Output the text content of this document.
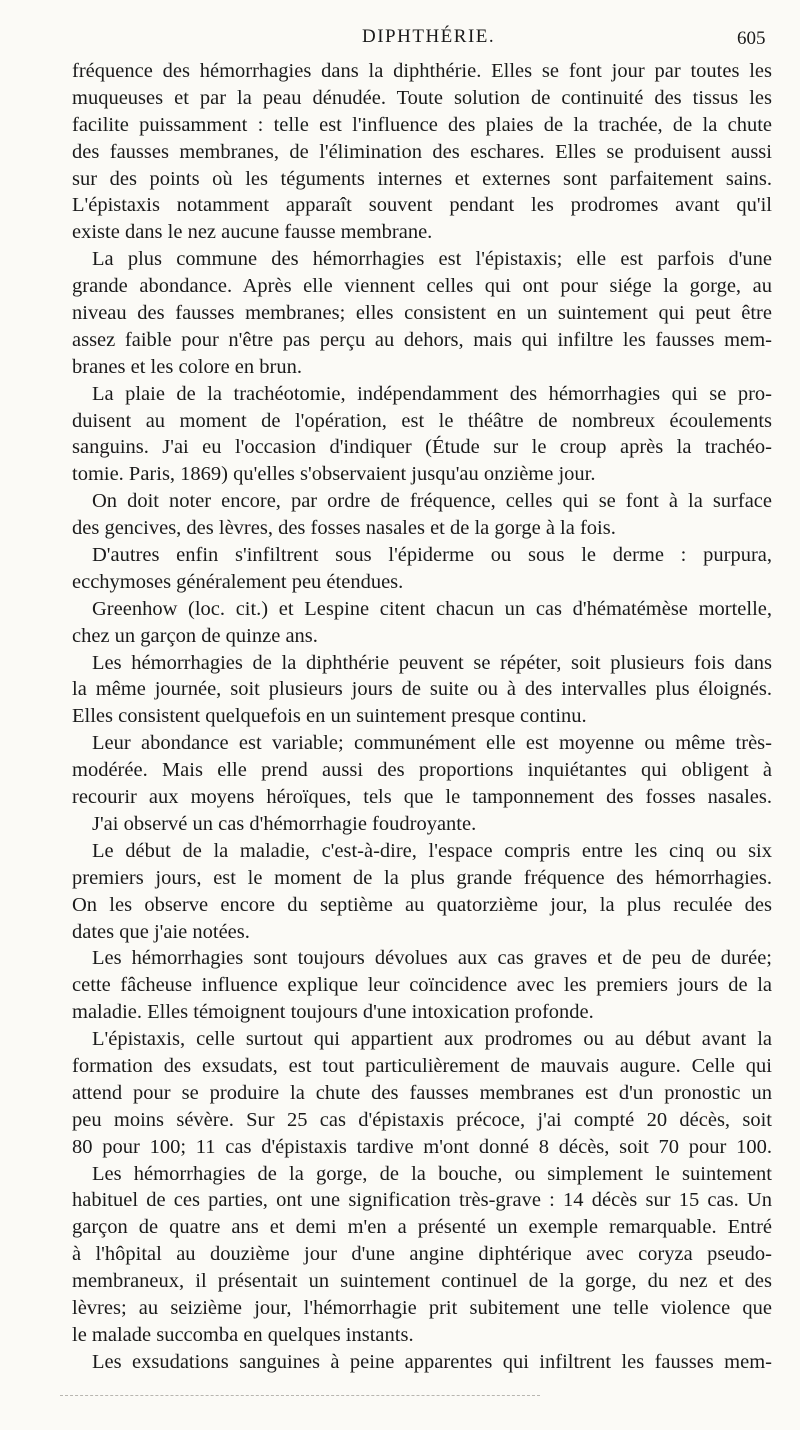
DIPHTHÉRIE.	605
fréquence des hémorrhagies dans la diphthérie. Elles se font jour par toutes les
muqueuses et par la peau dénudée. Toute solution de continuité des tissus les
facilite puissamment : telle est l'influence des plaies de la trachée, de la chute
des fausses membranes, de l'élimination des eschares. Elles se produisent aussi
sur des points où les téguments internes et externes sont parfaitement sains.
L'épistaxis notamment apparaît souvent pendant les prodromes avant qu'il
existe dans le nez aucune fausse membrane.
La plus commune des hémorrhagies est l'épistaxis; elle est parfois d'une
grande abondance. Après elle viennent celles qui ont pour siége la gorge, au
niveau des fausses membranes; elles consistent en un suintement qui peut être
assez faible pour n'être pas perçu au dehors, mais qui infiltre les fausses mem-
branes et les colore en brun.
La plaie de la trachéotomie, indépendamment des hémorrhagies qui se pro-
duisent au moment de l'opération, est le théâtre de nombreux écoulements
sanguins. J'ai eu l'occasion d'indiquer (Étude sur le croup après la trachéo-
tomie. Paris, 1869) qu'elles s'observaient jusqu'au onzième jour.
On doit noter encore, par ordre de fréquence, celles qui se font à la surface
des gencives, des lèvres, des fosses nasales et de la gorge à la fois.
D'autres enfin s'infiltrent sous l'épiderme ou sous le derme : purpura,
ecchymoses généralement peu étendues.
Greenhow (loc. cit.) et Lespine citent chacun un cas d'hématémèse mortelle,
chez un garçon de quinze ans.
Les hémorrhagies de la diphthérie peuvent se répéter, soit plusieurs fois dans
la même journée, soit plusieurs jours de suite ou à des intervalles plus éloignés.
Elles consistent quelquefois en un suintement presque continu.
Leur abondance est variable; communément elle est moyenne ou même très-
modérée. Mais elle prend aussi des proportions inquiétantes qui obligent à
recourir aux moyens héroïques, tels que le tamponnement des fosses nasales.
J'ai observé un cas d'hémorrhagie foudroyante.
Le début de la maladie, c'est-à-dire, l'espace compris entre les cinq ou six
premiers jours, est le moment de la plus grande fréquence des hémorrhagies.
On les observe encore du septième au quatorzième jour, la plus reculée des
dates que j'aie notées.
Les hémorrhagies sont toujours dévolues aux cas graves et de peu de durée;
cette fâcheuse influence explique leur coïncidence avec les premiers jours de la
maladie. Elles témoignent toujours d'une intoxication profonde.
L'épistaxis, celle surtout qui appartient aux prodromes ou au début avant la
formation des exsudats, est tout particulièrement de mauvais augure. Celle qui
attend pour se produire la chute des fausses membranes est d'un pronostic un
peu moins sévère. Sur 25 cas d'épistaxis précoce, j'ai compté 20 décès, soit
80 pour 100; 11 cas d'épistaxis tardive m'ont donné 8 décès, soit 70 pour 100.
Les hémorrhagies de la gorge, de la bouche, ou simplement le suintement
habituel de ces parties, ont une signification très-grave : 14 décès sur 15 cas. Un
garçon de quatre ans et demi m'en a présenté un exemple remarquable. Entré
à l'hôpital au douzième jour d'une angine diphtérique avec coryza pseudo-
membraneux, il présentait un suintement continuel de la gorge, du nez et des
lèvres; au seizième jour, l'hémorrhagie prit subitement une telle violence que
le malade succomba en quelques instants.
Les exsudations sanguines à peine apparentes qui infiltrent les fausses mem-
